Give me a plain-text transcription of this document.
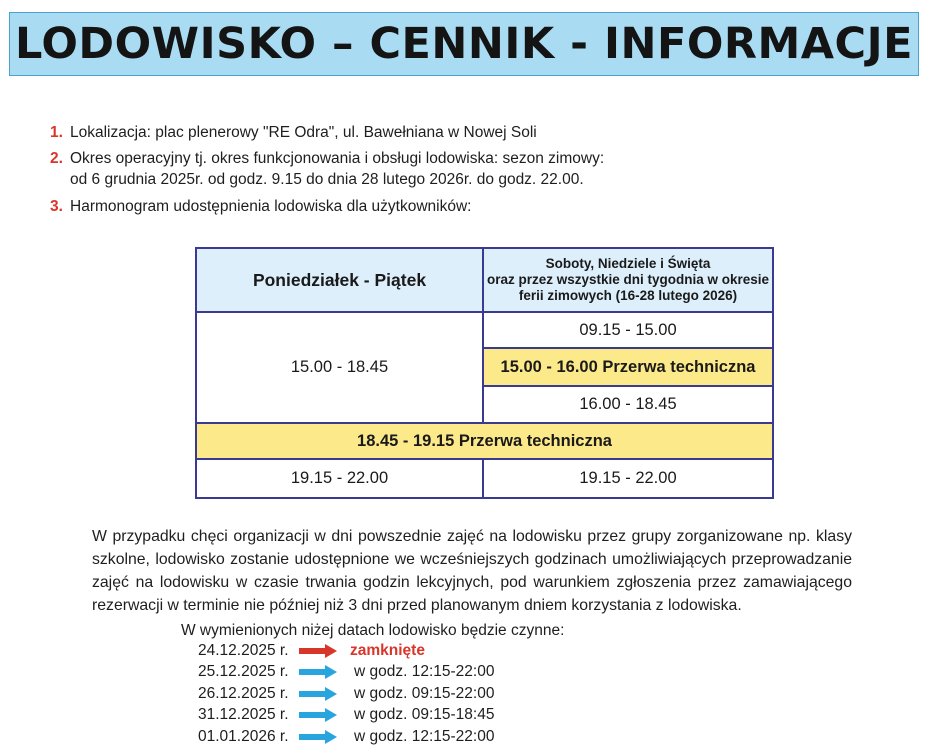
LODOWISKO – CENNIK - INFORMACJE
1. Lokalizacja: plac plenerowy "RE Odra", ul. Bawełniana w Nowej Soli
2. Okres operacyjny tj. okres funkcjonowania i obsługi lodowiska: sezon zimowy:
od 6 grudnia 2025r. od godz. 9.15 do dnia 28 lutego 2026r. do godz. 22.00.
3. Harmonogram udostępnienia lodowiska dla użytkowników:
Poniedziałek - Piątek	Soboty, Niedziele i Święta
oraz przez wszystkie dni tygodnia w okresie
ferii zimowych (16-28 lutego 2026)

15.00 - 18.45	09.15 - 15.00
	15.00 - 16.00 Przerwa techniczna
	16.00 - 18.45
18.45 - 19.15 Przerwa techniczna	
19.15 - 22.00	19.15 - 22.00
W przypadku chęci organizacji w dni powszednie zajęć na lodowisku przez grupy zorganizowane np. klasy szkolne, lodowisko zostanie udostępnione we wcześniejszych godzinach umożliwiających przeprowadzanie zajęć na lodowisku w czasie trwania godzin lekcyjnych, pod warunkiem zgłoszenia przez zamawiającego rezerwacji w terminie nie później niż 3 dni przed planowanym dniem korzystania z lodowiska.
W wymienionych niżej datach lodowisko będzie czynne:
24.12.2025 r.	zamknięte
25.12.2025 r.	w godz. 12:15-22:00
26.12.2025 r.	w godz. 09:15-22:00
31.12.2025 r.	w godz. 09:15-18:45
01.01.2026 r.	w godz. 12:15-22:00
